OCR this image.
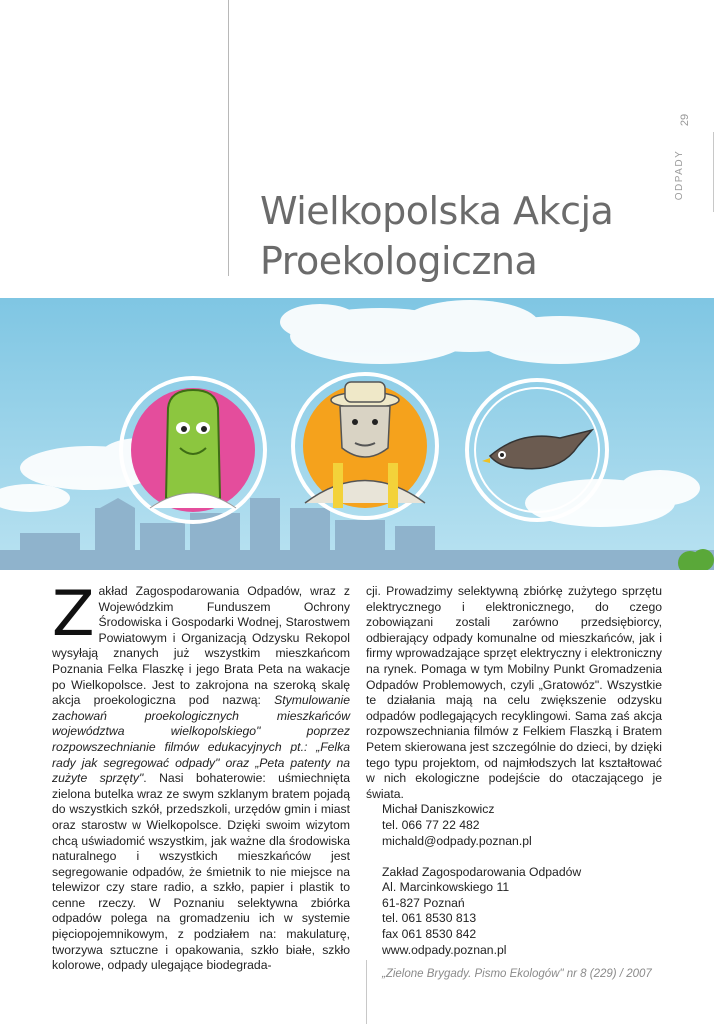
29
ODPADY
Wielkopolska Akcja
Proekologiczna

Zakład Zagospodarowania Odpadów, wraz z Wojewódzkim Funduszem Ochrony Środowiska i Gospodarki Wodnej, Starostwem Powiatowym i Organizacją Odzysku Rekopol wysyłają znanych już wszystkim mieszkańcom Poznania Felka Flaszkę i jego Brata Peta na wakacje po Wielkopolsce. Jest to zakrojona na szeroką skalę akcja proekologiczna pod nazwą: Stymulowanie zachowań proekologicznych mieszkańców województwa wielkopolskiego" poprzez rozpowszechnianie filmów edukacyjnych pt.: „Felka rady jak segregować odpady" oraz „Peta patenty na zużyte sprzęty". Nasi bohaterowie: uśmiechnięta zielona butelka wraz ze swym szklanym bratem pojadą do wszystkich szkół, przedszkoli, urzędów gmin i miast oraz starostw w Wielkopolsce. Dzięki swoim wizytom chcą uświadomić wszystkim, jak ważne dla środowiska naturalnego i wszystkich mieszkańców jest segregowanie odpadów, że śmietnik to nie miejsce na telewizor czy stare radio, a szkło, papier i plastik to cenne rzeczy. W Poznaniu selektywna zbiórka odpadów polega na gromadzeniu ich w systemie pięciopojemnikowym, z podziałem na: makulaturę, tworzywa sztuczne i opakowania, szkło białe, szkło kolorowe, odpady ulegające biodegrada-

cji. Prowadzimy selektywną zbiórkę zużytego sprzętu elektrycznego i elektronicznego, do czego zobowiązani zostali zarówno przedsiębiorcy, odbierający odpady komunalne od mieszkańców, jak i firmy wprowadzające sprzęt elektryczny i elektroniczny na rynek. Pomaga w tym Mobilny Punkt Gromadzenia Odpadów Problemowych, czyli „Gratowóz". Wszystkie te działania mają na celu zwiększenie odzysku odpadów podlegających recyklingowi. Sama zaś akcja rozpowszechniania filmów z Felkiem Flaszką i Bratem Petem skierowana jest szczególnie do dzieci, by dzięki tego typu projektom, od najmłodszych lat kształtować w nich ekologiczne podejście do otaczającego je świata.

Michał Daniszkowicz
tel. 066 77 22 482
michald@odpady.poznan.pl
Zakład Zagospodarowania Odpadów
Al. Marcinkowskiego 11
61-827 Poznań
tel. 061 8530 813
fax 061 8530 842
www.odpady.poznan.pl
„Zielone Brygady. Pismo Ekologów" nr 8 (229) / 2007
